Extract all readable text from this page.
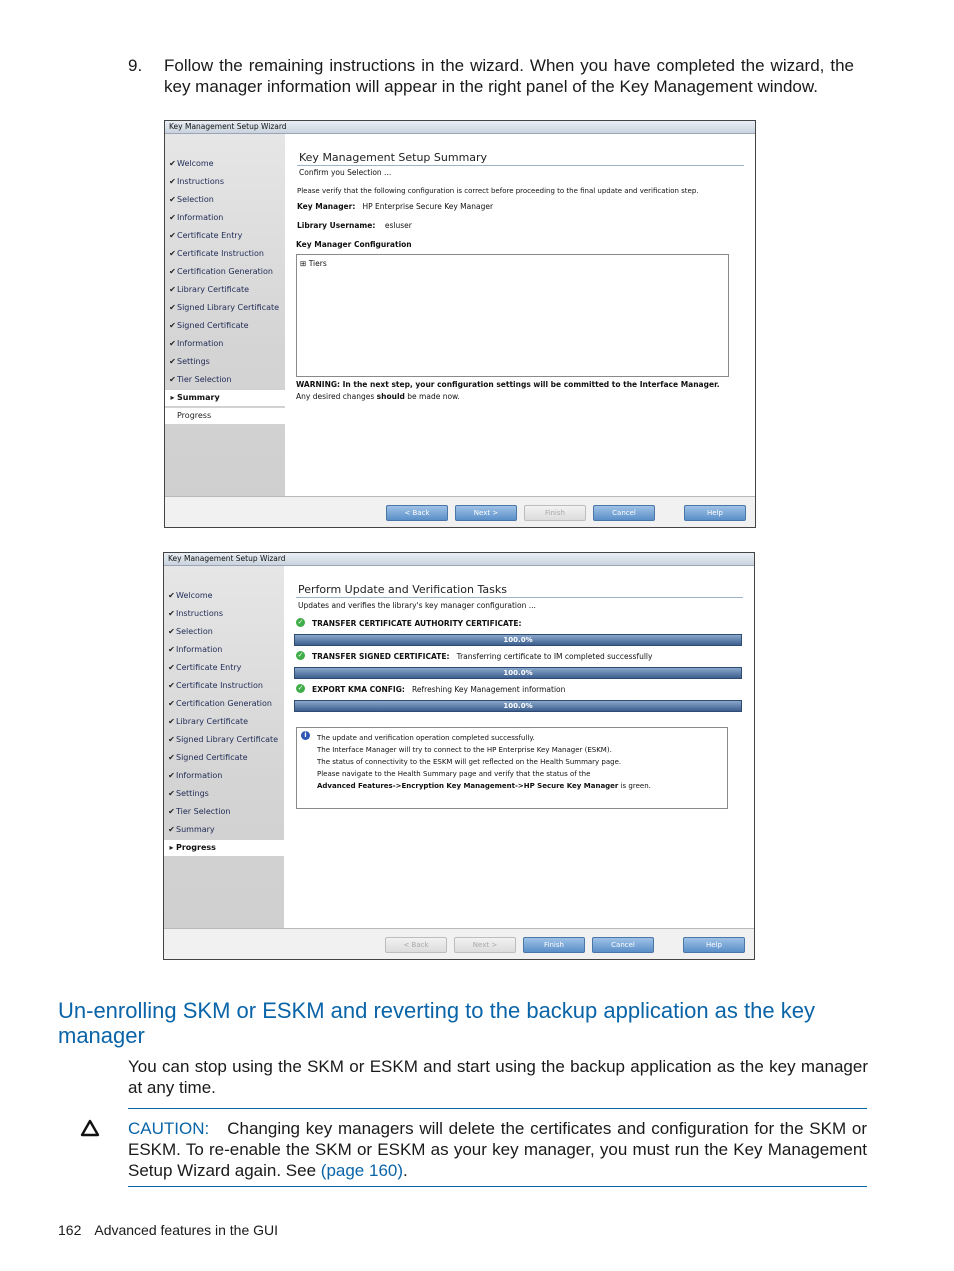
9. Follow the remaining instructions in the wizard. When you have completed the wizard, the key manager information will appear in the right panel of the Key Management window.
Key Management Setup Wizard
✔Welcome
✔Instructions
✔Selection
✔Information
✔Certificate Entry
✔Certificate Instruction
✔Certification Generation
✔Library Certificate
✔Signed Library Certificate
✔Signed Certificate
✔Information
✔Settings
✔Tier Selection
▸ Summary
Progress
Key Management Setup Summary
Confirm you Selection ...
Please verify that the following configuration is correct before proceeding to the final update and verification step.
Key Manager: HP Enterprise Secure Key Manager
Library Username: esluser
Key Manager Configuration
⊞ Tiers
WARNING: In the next step, your configuration settings will be committed to the Interface Manager.
Any desired changes should be made now.
< Back	Next >	Finish	Cancel	Help
Key Management Setup Wizard
✔Welcome
✔Instructions
✔Selection
✔Information
✔Certificate Entry
✔Certificate Instruction
✔Certification Generation
✔Library Certificate
✔Signed Library Certificate
✔Signed Certificate
✔Information
✔Settings
✔Tier Selection
✔Summary
▸ Progress
Perform Update and Verification Tasks
Updates and verifies the library's key manager configuration ...
✓ TRANSFER CERTIFICATE AUTHORITY CERTIFICATE:
100.0%
✓ TRANSFER SIGNED CERTIFICATE: Transferring certificate to IM completed successfully
100.0%
✓ EXPORT KMA CONFIG: Refreshing Key Management information
100.0%
i	The update and verification operation completed successfully.
The Interface Manager will try to connect to the HP Enterprise Key Manager (ESKM).
The status of connectivity to the ESKM will get reflected on the Health Summary page.
Please navigate to the Health Summary page and verify that the status of the
Advanced Features->Encryption Key Management->HP Secure Key Manager is green.
< Back	Next >	Finish	Cancel	Help
Un-enrolling SKM or ESKM and reverting to the backup application as the key manager
You can stop using the SKM or ESKM and start using the backup application as the key manager at any time.
CAUTION: Changing key managers will delete the certificates and configuration for the SKM or ESKM. To re-enable the SKM or ESKM as your key manager, you must run the Key Management Setup Wizard again. See (page 160).
162 Advanced features in the GUI
